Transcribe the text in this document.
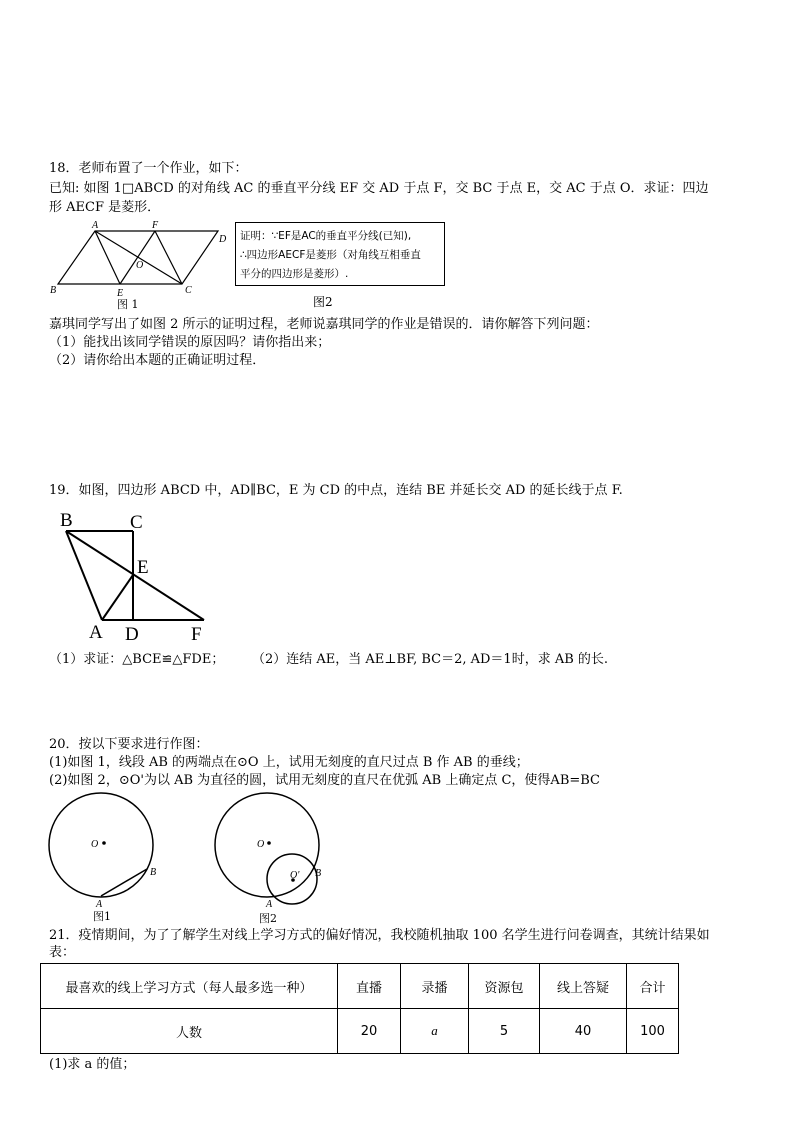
18．老师布置了一个作业，如下：
已知: 如图 1□ABCD 的对角线 AC 的垂直平分线 EF 交 AD 于点 F，交 BC 于点 E，交 AC 于点 O．求证：四边
形 AECF 是菱形．
A	F
D
B	E	C
O
图 1
证明：∵EF是AC的垂直平分线(已知),
∴四边形AECF是菱形（对角线互相垂直
平分的四边形是菱形）.
图2
嘉琪同学写出了如图 2 所示的证明过程，老师说嘉琪同学的作业是错误的．请你解答下列问题：
（1）能找出该同学错误的原因吗？请你指出来；
（2）请你给出本题的正确证明过程．
19．如图，四边形 ABCD 中，AD∥BC，E 为 CD 的中点，连结 BE 并延长交 AD 的延长线于点 F.
B	C
E
A D	F
（1）求证：△BCE≌△FDE； （2）连结 AE，当 AE⊥BF, BC＝2, AD＝1时，求 AB 的长.
20．按以下要求进行作图：
(1)如图 1，线段 AB 的两端点在⊙O 上，试用无刻度的直尺过点 B 作 AB 的垂线；
(2)如图 2，⊙O'为以 AB 为直径的圆，试用无刻度的直尺在优弧 AB 上确定点 C，使得AB=BC
O
B
A
O
O' B
A
图1	图2
21．疫情期间，为了了解学生对线上学习方式的偏好情况，我校随机抽取 100 名学生进行问卷调查，其统计结果如
表：
最喜欢的线上学习方式（每人最多选一种）	直播	录播	资源包	线上答疑	合计
人数	20	a	5	40	100
(1)求 a 的值；
